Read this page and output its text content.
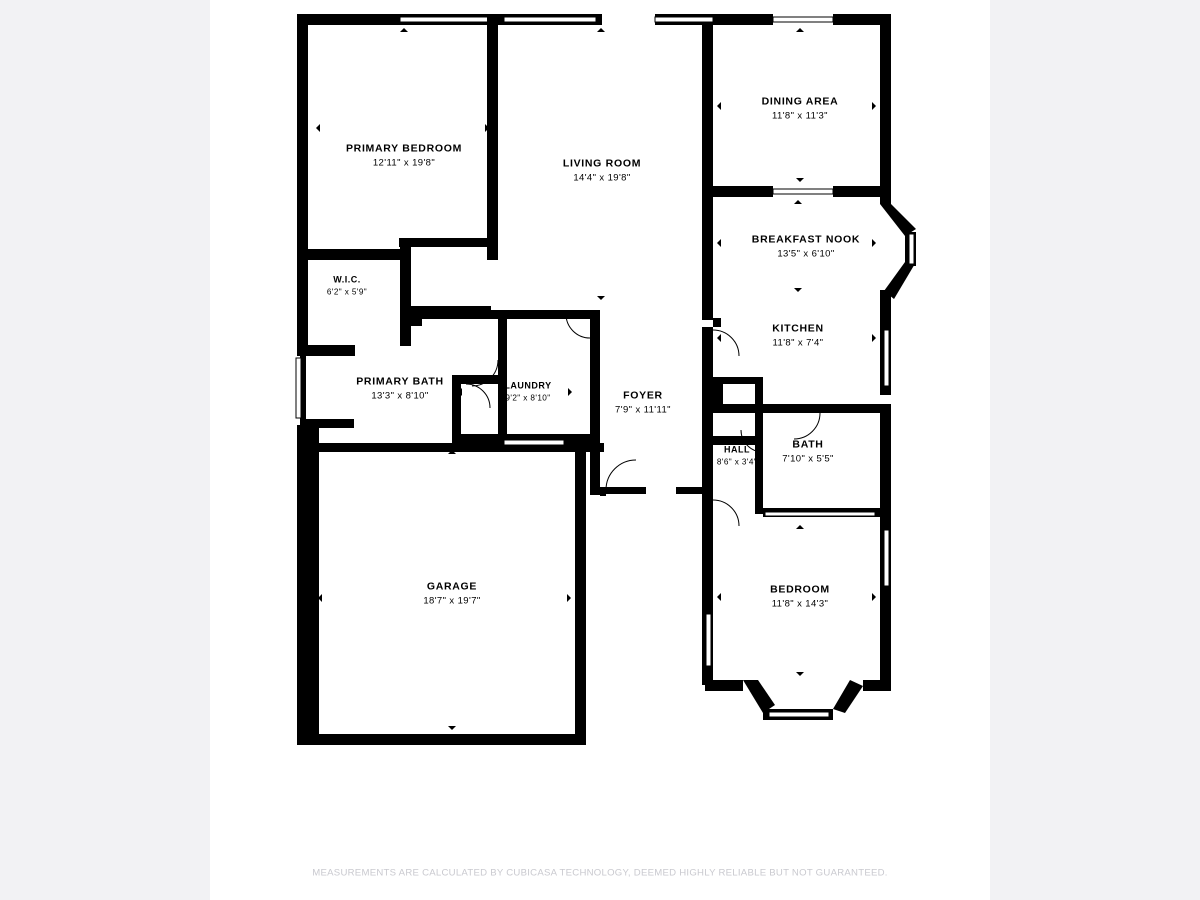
PRIMARY BEDROOM
12'11" x 19'8"	LIVING ROOM
14'4" x 19'8"
DINING AREA
11'8" x 11'3"
BREAKFAST NOOK
13'5" x 6'10"
KITCHEN
11'8" x 7'4"
W.I.C.
6'2" x 5'9"
PRIMARY BATH
13'3" x 8'10"
LAUNDRY
9'2" x 8'10"	FOYER
7'9" x 11'11"
HALL
8'6" x 3'4"
BATH
7'10" x 5'5"
GARAGE
18'7" x 19'7"
BEDROOM
11'8" x 14'3"
MEASUREMENTS ARE CALCULATED BY CUBICASA TECHNOLOGY, DEEMED HIGHLY RELIABLE BUT NOT GUARANTEED.
